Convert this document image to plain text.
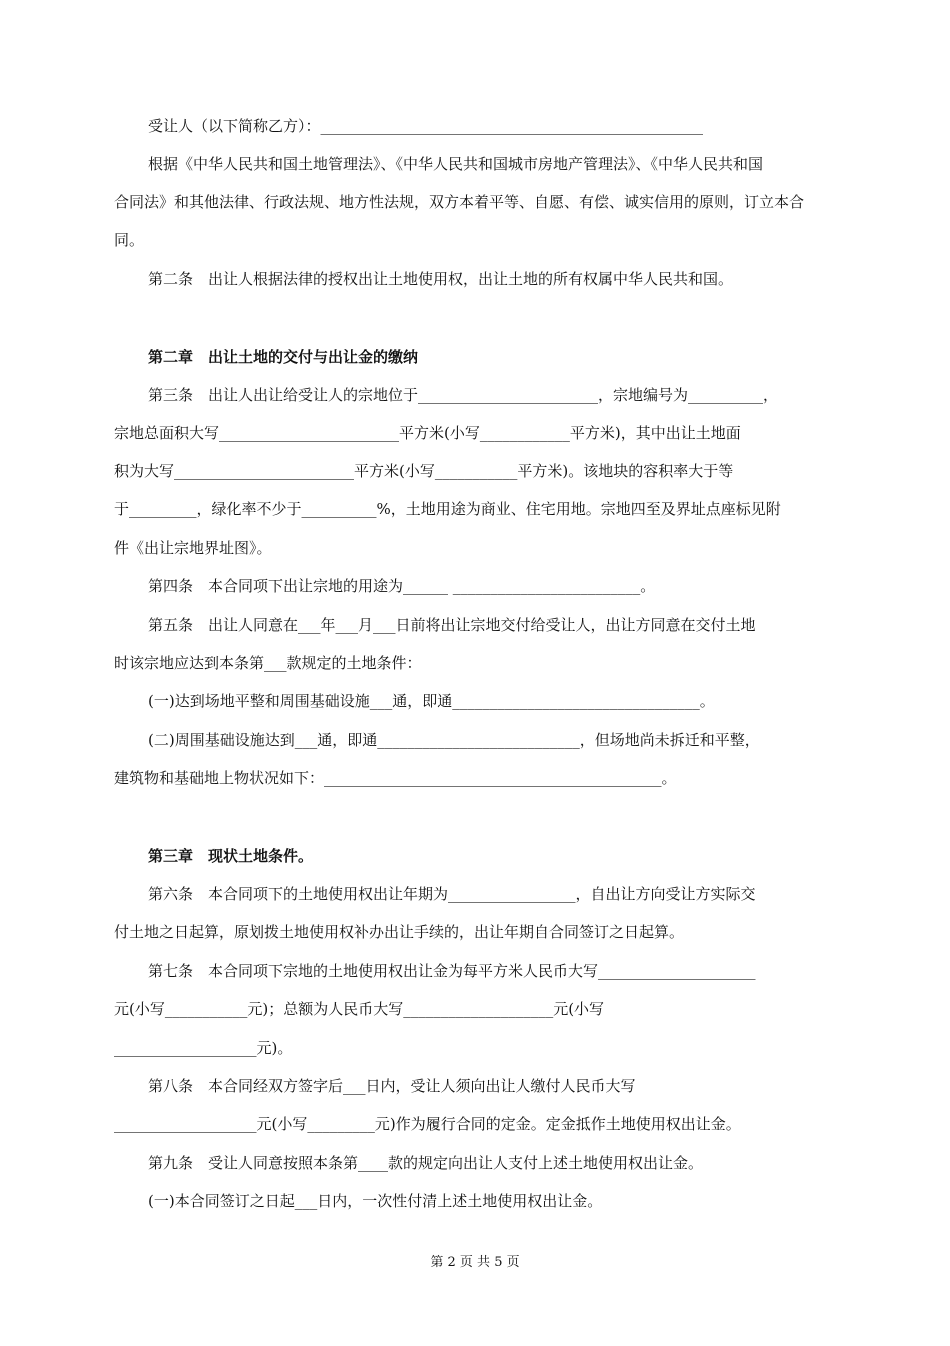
受让人（以下简称乙方）：___________________________________________________
根据《中华人民共和国土地管理法》、《中华人民共和国城市房地产管理法》、《中华人民共和国
合同法》和其他法律、行政法规、地方性法规，双方本着平等、自愿、有偿、诚实信用的原则，订立本合
同。
第二条　出让人根据法律的授权出让土地使用权，出让土地的所有权属中华人民共和国。
第二章　出让土地的交付与出让金的缴纳
第三条　出让人出让给受让人的宗地位于________________________，宗地编号为__________，
宗地总面积大写________________________平方米(小写____________平方米)，其中出让土地面
积为大写________________________平方米(小写___________平方米)。该地块的容积率大于等
于_________，绿化率不少于__________%，土地用途为商业、住宅用地。宗地四至及界址点座标见附
件《出让宗地界址图》。
第四条　本合同项下出让宗地的用途为______ _________________________。
第五条　出让人同意在___年___月___日前将出让宗地交付给受让人，出让方同意在交付土地
时该宗地应达到本条第___款规定的土地条件：
(一)达到场地平整和周围基础设施___通，即通_________________________________。
(二)周围基础设施达到___通，即通___________________________，但场地尚未拆迁和平整，
建筑物和基础地上物状况如下：_____________________________________________。
第三章　现状土地条件。
第六条　本合同项下的土地使用权出让年期为_________________，自出让方向受让方实际交
付土地之日起算，原划拨土地使用权补办出让手续的，出让年期自合同签订之日起算。
第七条　本合同项下宗地的土地使用权出让金为每平方米人民币大写_____________________
元(小写___________元)；总额为人民币大写____________________元(小写
___________________元)。
第八条　本合同经双方签字后___日内，受让人须向出让人缴付人民币大写
___________________元(小写_________元)作为履行合同的定金。定金抵作土地使用权出让金。
第九条　受让人同意按照本条第____款的规定向出让人支付上述土地使用权出让金。
(一)本合同签订之日起___日内，一次性付清上述土地使用权出让金。
第 2 页 共 5 页
